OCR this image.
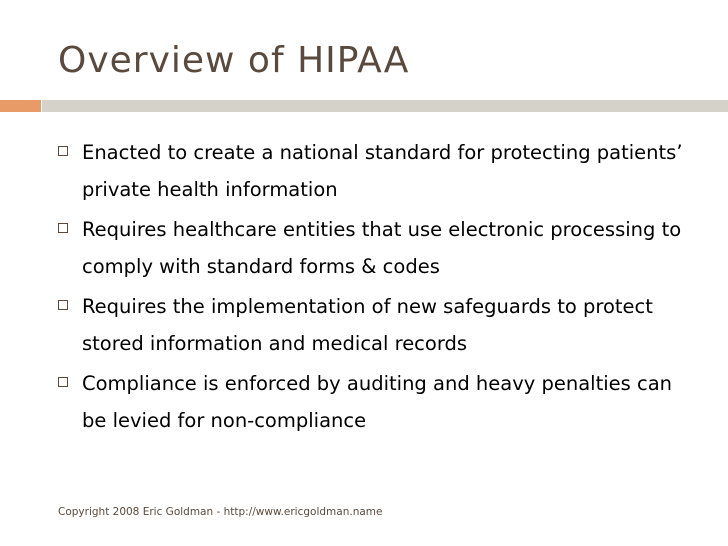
Overview of HIPAA
Enacted to create a national standard for protecting patients’ private health information
Requires healthcare entities that use electronic processing to comply with standard forms & codes
Requires the implementation of new safeguards to protect stored information and medical records
Compliance is enforced by auditing and heavy penalties can be levied for non-compliance
Copyright 2008 Eric Goldman - http://www.ericgoldman.name
